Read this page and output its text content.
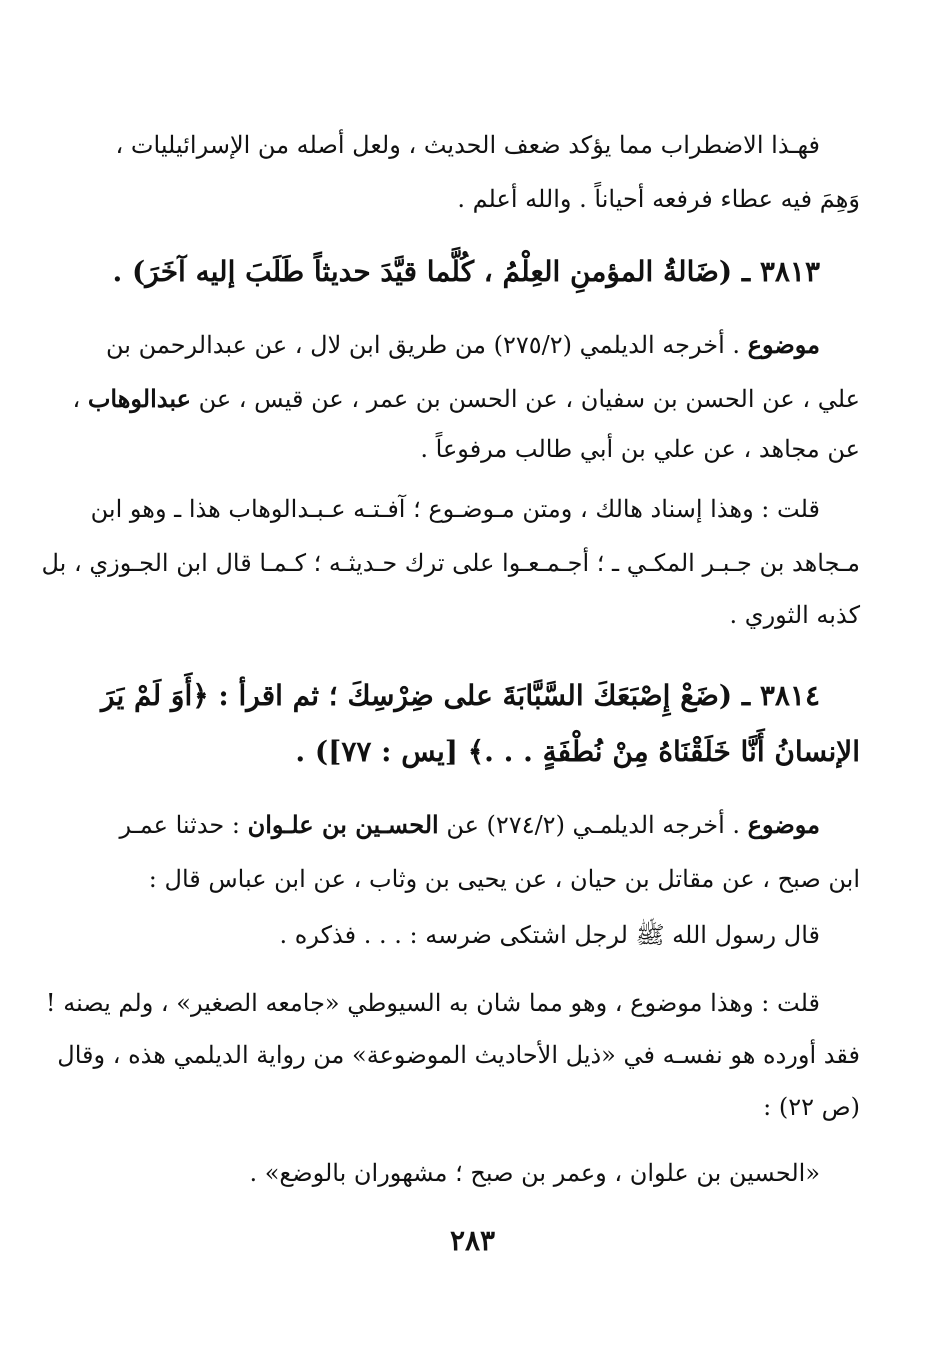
فهـذا الاضطراب مما يؤكد ضعف الحديث ، ولعل أصله من الإسرائيليات ،
وَهِمَ فيه عطاء فرفعه أحياناً . والله أعلم .
٣٨١٣ ـ (ضَالةُ المؤمنِ العِلْمُ ، كُلَّما قيَّدَ حديثاً طَلَبَ إليه آخَرَ) .
موضوع . أخرجه الديلمي (٢٧٥/٢) من طريق ابن لال ، عن عبدالرحمن بن
علي ، عن الحسن بن سفيان ، عن الحسن بن عمر ، عن قيس ، عن عبدالوهاب ،
عن مجاهد ، عن علي بن أبي طالب مرفوعاً .
قلت : وهذا إسناد هالك ، ومتن مـوضـوع ؛ آفـتـه عـبـدالوهاب هذا ـ وهو ابن
مـجاهد بن جـبـر المكـي ـ ؛ أجـمـعـوا على ترك حـديثـه ؛ كـمـا قال ابن الجـوزي ، بل
كذبه الثوري .
٣٨١٤ ـ (ضَعْ إِصْبَعَكَ السَّبَّابَةَ على ضِرْسِكَ ؛ ثم اقرأ : ﴿أَوَ لَمْ يَرَ
الإنسانُ أَنَّا خَلَقْنَاهُ مِنْ نُطْفَةٍ . . .﴾ [يس : ٧٧]) .
موضوع . أخرجه الديلمـي (٢٧٤/٢) عن الحسـين بن علـوان : حدثنا عمـر
ابن صبح ، عن مقاتل بن حيان ، عن يحيى بن وثاب ، عن ابن عباس قال :
قال رسول الله ﷺ لرجل اشتكى ضرسه : . . . فذكره .
قلت : وهذا موضوع ، وهو مما شان به السيوطي «جامعه الصغير» ، ولم يصنه !
فقد أورده هو نفسـه في «ذيل الأحاديث الموضوعة» من رواية الديلمي هذه ، وقال
(ص ٢٢) :
«الحسين بن علوان ، وعمر بن صبح ؛ مشهوران بالوضع» .
٢٨٣
